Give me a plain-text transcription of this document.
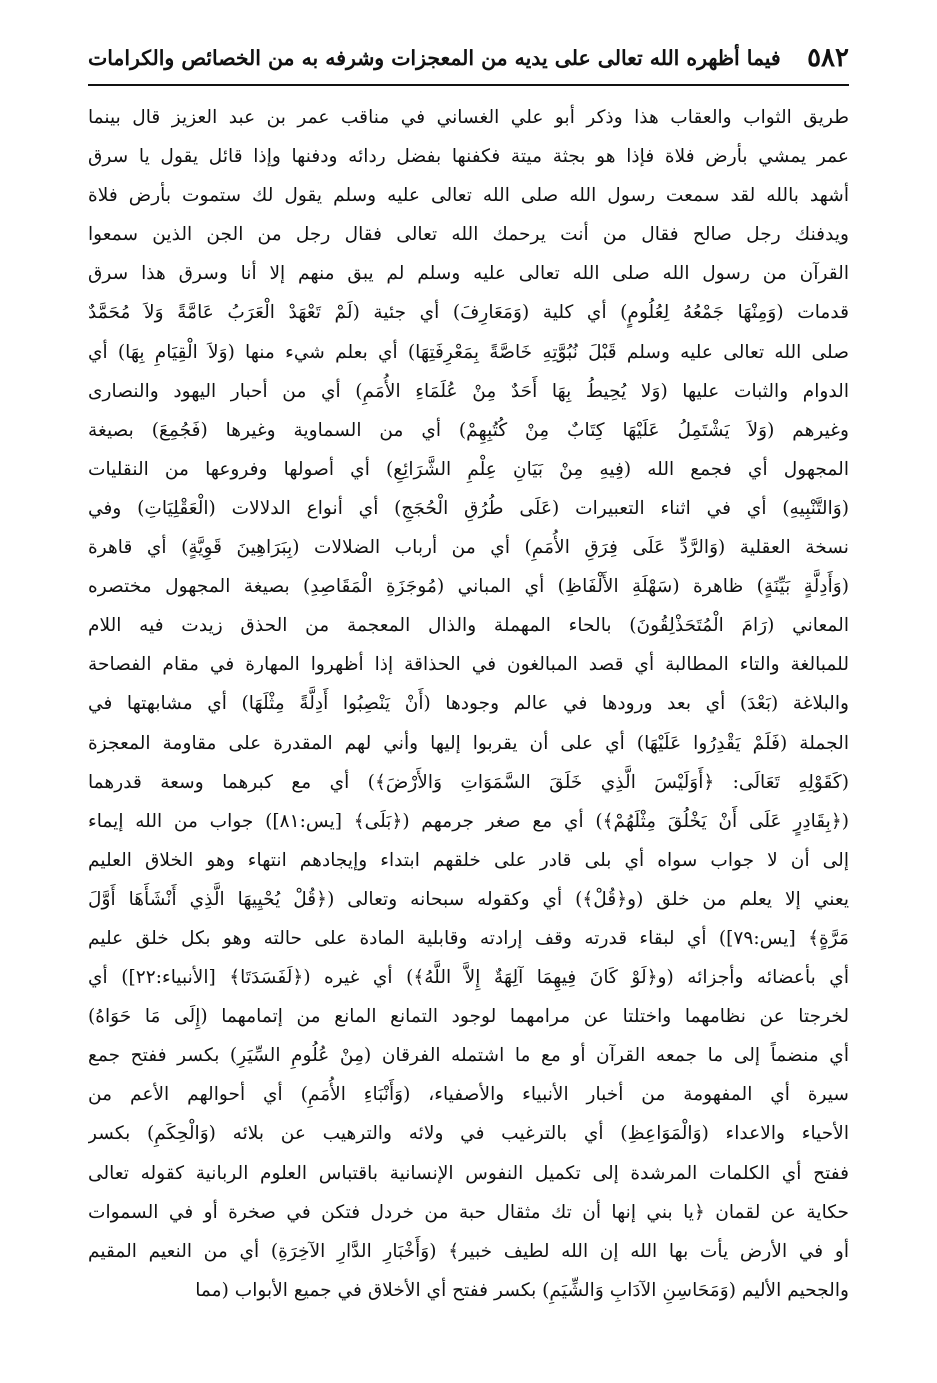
٥٨٢
فيما أظهره الله تعالى على يديه من المعجزات وشرفه به من الخصائص والكرامات
طريق الثواب والعقاب هذا وذكر أبو علي الغساني في مناقب عمر بن عبد العزيز قال بينما
عمر يمشي بأرض فلاة فإذا هو بجثة ميتة فكفنها بفضل ردائه ودفنها وإذا قائل يقول يا سرق
أشهد بالله لقد سمعت رسول الله صلى الله تعالى عليه وسلم يقول لك ستموت بأرض فلاة
ويدفنك رجل صالح فقال من أنت يرحمك الله تعالى فقال رجل من الجن الذين سمعوا
القرآن من رسول الله صلى الله تعالى عليه وسلم لم يبق منهم إلا أنا وسرق هذا سرق
قدمات (وَمِنْهَا جَمْعُهُ لِعُلُومٍ) أي كلية (وَمَعَارِفَ) أي جئية (لَمْ تَعْهَدْ الْعَرَبُ عَامَّةً وَلاَ مُحَمَّدٌ
صلى الله تعالى عليه وسلم قَبْلَ نُبُوَّتِهِ خَاصَّةً بِمَعْرِفَتِهَا) أي بعلم شيء منها (وَلاَ الْقِيَامِ بِهَا) أي
الدوام والثبات عليها (وَلا يُحِيطُ بِهَا أَحَدٌ مِنْ عُلَمَاءِ الأُمَمِ) أي من أحبار اليهود والنصارى
وغيرهم (وَلاَ يَشْتَمِلُ عَلَيْهَا كِتَابٌ مِنْ كُتُبِهِمْ) أي من السماوية وغيرها (فَجُمِعَ) بصيغة
المجهول أي فجمع الله (فِيهِ مِنْ بَيَانِ عِلْمِ الشَّرَائِعِ) أي أصولها وفروعها من النقليات
(وَالتَّنْبِيهِ) أي في اثناء التعبيرات (عَلَى طُرُقِ الْحُجَجِ) أي أنواع الدلالات (الْعَقْلِيَاتِ) وفي
نسخة العقلية (وَالرَّدِّ عَلَى فِرَقِ الأُمَمِ) أي من أرباب الضلالات (بِبَرَاهِينَ قَوِيَّةٍ) أي قاهرة
(وَأَدِلَّةٍ بَيِّنَةٍ) ظاهرة (سَهْلَةِ الأَلْفَاظِ) أي المباني (مُوجَزَةِ الْمَقَاصِدِ) بصيغة المجهول مختصره
المعاني (رَامَ الْمُتَحَذْلِقُونَ) بالحاء المهملة والذال المعجمة من الحذق زيدت فيه اللام
للمبالغة والتاء المطالبة أي قصد المبالغون في الحذاقة إذا أظهروا المهارة في مقام الفصاحة
والبلاغة (بَعْدَ) أي بعد ورودها في عالم وجودها (أَنْ يَنْصِبُوا أَدِلَّةً مِثْلَهَا) أي مشابهتها في
الجملة (فَلَمْ يَقْدِرُوا عَلَيْهَا) أي على أن يقربوا إليها وأني لهم المقدرة على مقاومة المعجزة
(كَقَوْلِهِ تَعَالَى: ﴿أَوَلَيْسَ الَّذِي خَلَقَ السَّمَوَاتِ وَالأَرْضَ﴾) أي مع كبرهما وسعة قدرهما
(﴿بِقَادِرٍ عَلَى أَنْ يَخْلُقَ مِثْلَهُمْ﴾) أي مع صغر جرمهم (﴿بَلَى﴾ [يس:٨١]) جواب من الله إيماء
إلى أن لا جواب سواه أي بلى قادر على خلقهم ابتداء وإيجادهم انتهاء وهو الخلاق العليم
يعني إلا يعلم من خلق (و﴿قُلْ﴾) أي وكقوله سبحانه وتعالى (﴿قُلْ يُحْيِيهَا الَّذِي أَنْشَأَهَا أَوَّلَ
مَرَّةٍ﴾ [يس:٧٩]) أي لبقاء قدرته وقف إرادته وقابلية المادة على حالته وهو بكل خلق عليم
أي بأعضائه وأجزائه (و﴿لَوْ كَانَ فِيهِمَا آلِهَةٌ إِلاَّ اللَّهُ﴾) أي غيره (﴿لَفَسَدَتَا﴾ [الأنبياء:٢٢]) أي
لخرجتا عن نظامهما واختلتا عن مرامهما لوجود التمانع المانع من إتمامهما (إِلَى مَا حَوَاهُ)
أي منضماً إلى ما جمعه القرآن أو مع ما اشتمله الفرقان (مِنْ عُلُومِ السِّيَرِ) بكسر ففتح جمع
سيرة أي المفهومة من أخبار الأنبياء والأصفياء، (وَأَنْبَاءِ الأُمَمِ) أي أحوالهم الأعم من
الأحياء والاعداء (وَالْمَوَاعِظِ) أي بالترغيب في ولائه والترهيب عن بلائه (وَالْحِكَمِ) بكسر
ففتح أي الكلمات المرشدة إلى تكميل النفوس الإنسانية باقتباس العلوم الربانية كقوله تعالى
حكاية عن لقمان ﴿يا بني إنها أن تك مثقال حبة من خردل فتكن في صخرة أو في السموات
أو في الأرض يأت بها الله إن الله لطيف خبير﴾ (وَأَخْبَارِ الدَّارِ الآخِرَةِ) أي من النعيم المقيم
والجحيم الأليم (وَمَحَاسِنِ الآدَابِ وَالشِّيَمِ) بكسر ففتح أي الأخلاق في جميع الأبواب (مما
